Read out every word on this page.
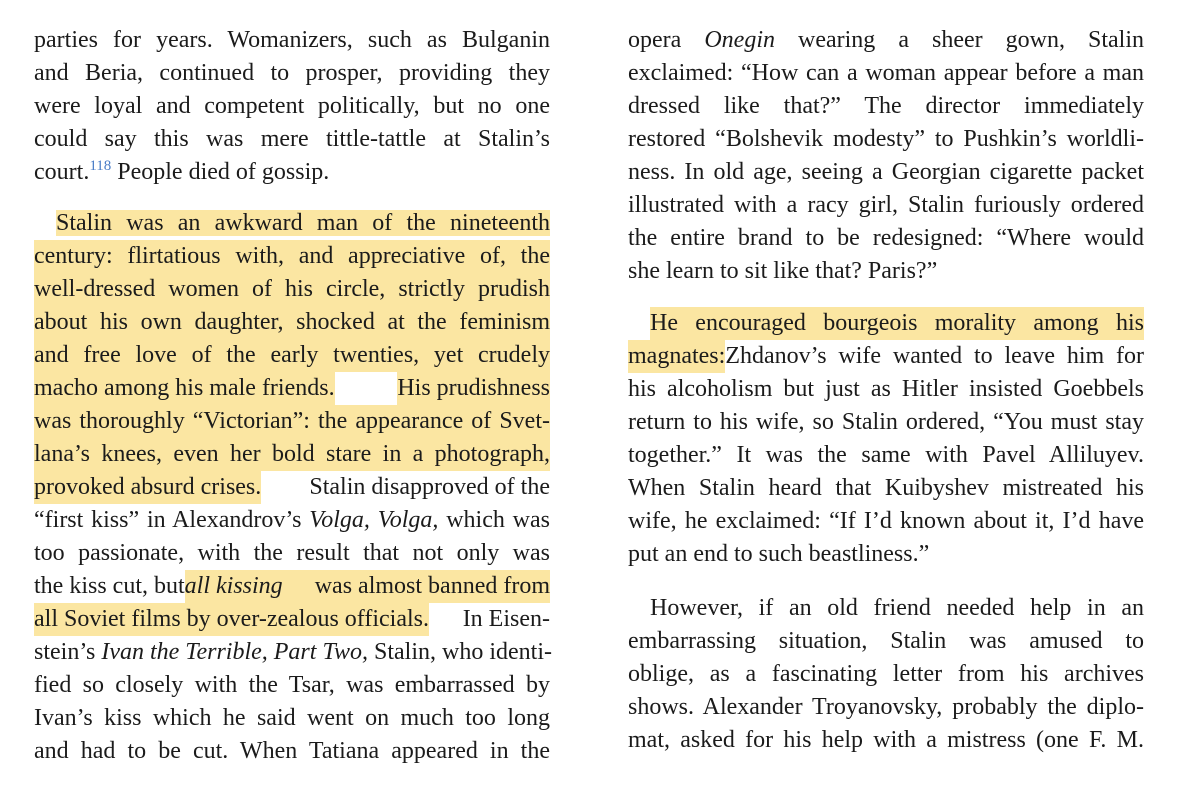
parties for years. Womanizers, such as Bulganin
and Beria, continued to prosper, providing they
were loyal and competent politically, but no one
could say this was mere tittle-tattle at Stalin’s
court.$^{118}$ People died of gossip.
Stalin was an awkward man of the nineteenth
century: flirtatious with, and appreciative of, the
well-dressed women of his circle, strictly prudish
about his own daughter, shocked at the feminism
and free love of the early twenties, yet crudely
macho among his male friends.	His prudishness
was thoroughly “Victorian”: the appearance of Svet-
lana’s knees, even her bold stare in a photograph,
provoked absurd crises. Stalin disapproved of the
“first kiss” in Alexandrov’s Volga, Volga, which was
too passionate, with the result that not only was
the kiss cut, but all kissing was almost banned from
all Soviet films by over-zealous officials. In Eisen-
stein’s Ivan the Terrible, Part Two, Stalin, who identi-
fied so closely with the Tsar, was embarrassed by
Ivan’s kiss which he said went on much too long
and had to be cut. When Tatiana appeared in the
opera Onegin wearing a sheer gown, Stalin
exclaimed: “How can a woman appear before a man
dressed like that?” The director immediately
restored “Bolshevik modesty” to Pushkin’s worldli-
ness. In old age, seeing a Georgian cigarette packet
illustrated with a racy girl, Stalin furiously ordered
the entire brand to be redesigned: “Where would
she learn to sit like that? Paris?”
He encouraged bourgeois morality among his
magnates: Zhdanov’s wife wanted to leave him for
his alcoholism but just as Hitler insisted Goebbels
return to his wife, so Stalin ordered, “You must stay
together.” It was the same with Pavel Alliluyev.
When Stalin heard that Kuibyshev mistreated his
wife, he exclaimed: “If I’d known about it, I’d have
put an end to such beastliness.”
However, if an old friend needed help in an
embarrassing situation, Stalin was amused to
oblige, as a fascinating letter from his archives
shows. Alexander Troyanovsky, probably the diplo-
mat, asked for his help with a mistress (one F. M.
